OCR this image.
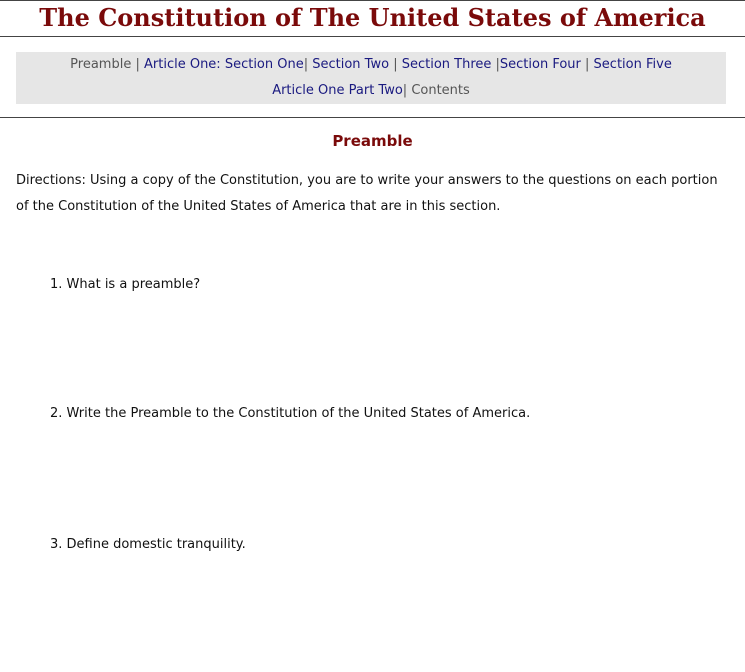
The Constitution of The United States of America
Preamble | Article One: Section One| Section Two | Section Three |Section Four | Section Five
Article One Part Two| Contents
Preamble

Directions: Using a copy of the Constitution, you are to write your answers to the questions on each portion of the Constitution of the United States of America that are in this section.

1. What is a preamble?

2. Write the Preamble to the Constitution of the United States of America.

3. Define domestic tranquility.
